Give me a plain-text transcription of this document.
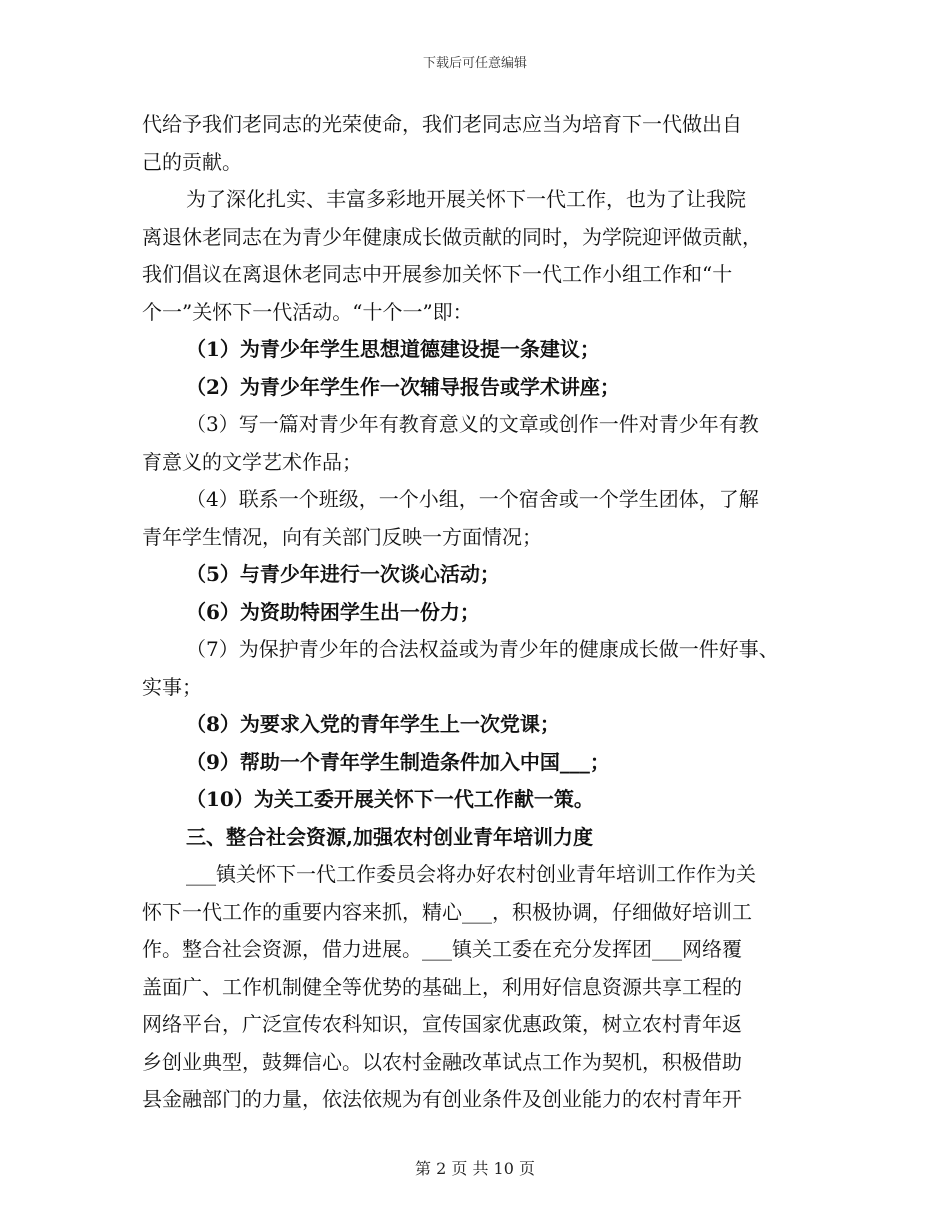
下载后可任意编辑
代给予我们老同志的光荣使命，我们老同志应当为培育下一代做出自
己的贡献。
为了深化扎实、丰富多彩地开展关怀下一代工作，也为了让我院
离退休老同志在为青少年健康成长做贡献的同时，为学院迎评做贡献，
我们倡议在离退休老同志中开展参加关怀下一代工作小组工作和“十
个一”关怀下一代活动。“十个一”即：
（1）为青少年学生思想道德建设提一条建议；
（2）为青少年学生作一次辅导报告或学术讲座；
（3）写一篇对青少年有教育意义的文章或创作一件对青少年有教
育意义的文学艺术作品；
（4）联系一个班级，一个小组，一个宿舍或一个学生团体，了解
青年学生情况，向有关部门反映一方面情况；
（5）与青少年进行一次谈心活动；
（6）为资助特困学生出一份力；
（7）为保护青少年的合法权益或为青少年的健康成长做一件好事、
实事；
（8）为要求入党的青年学生上一次党课；
（9）帮助一个青年学生制造条件加入中国___；
（10）为关工委开展关怀下一代工作献一策。
三、整合社会资源,加强农村创业青年培训力度
___镇关怀下一代工作委员会将办好农村创业青年培训工作作为关
怀下一代工作的重要内容来抓，精心___，积极协调，仔细做好培训工
作。整合社会资源，借力进展。___镇关工委在充分发挥团___网络覆
盖面广、工作机制健全等优势的基础上，利用好信息资源共享工程的
网络平台，广泛宣传农科知识，宣传国家优惠政策，树立农村青年返
乡创业典型，鼓舞信心。以农村金融改革试点工作为契机，积极借助
县金融部门的力量，依法依规为有创业条件及创业能力的农村青年开
第 2 页 共 10 页
